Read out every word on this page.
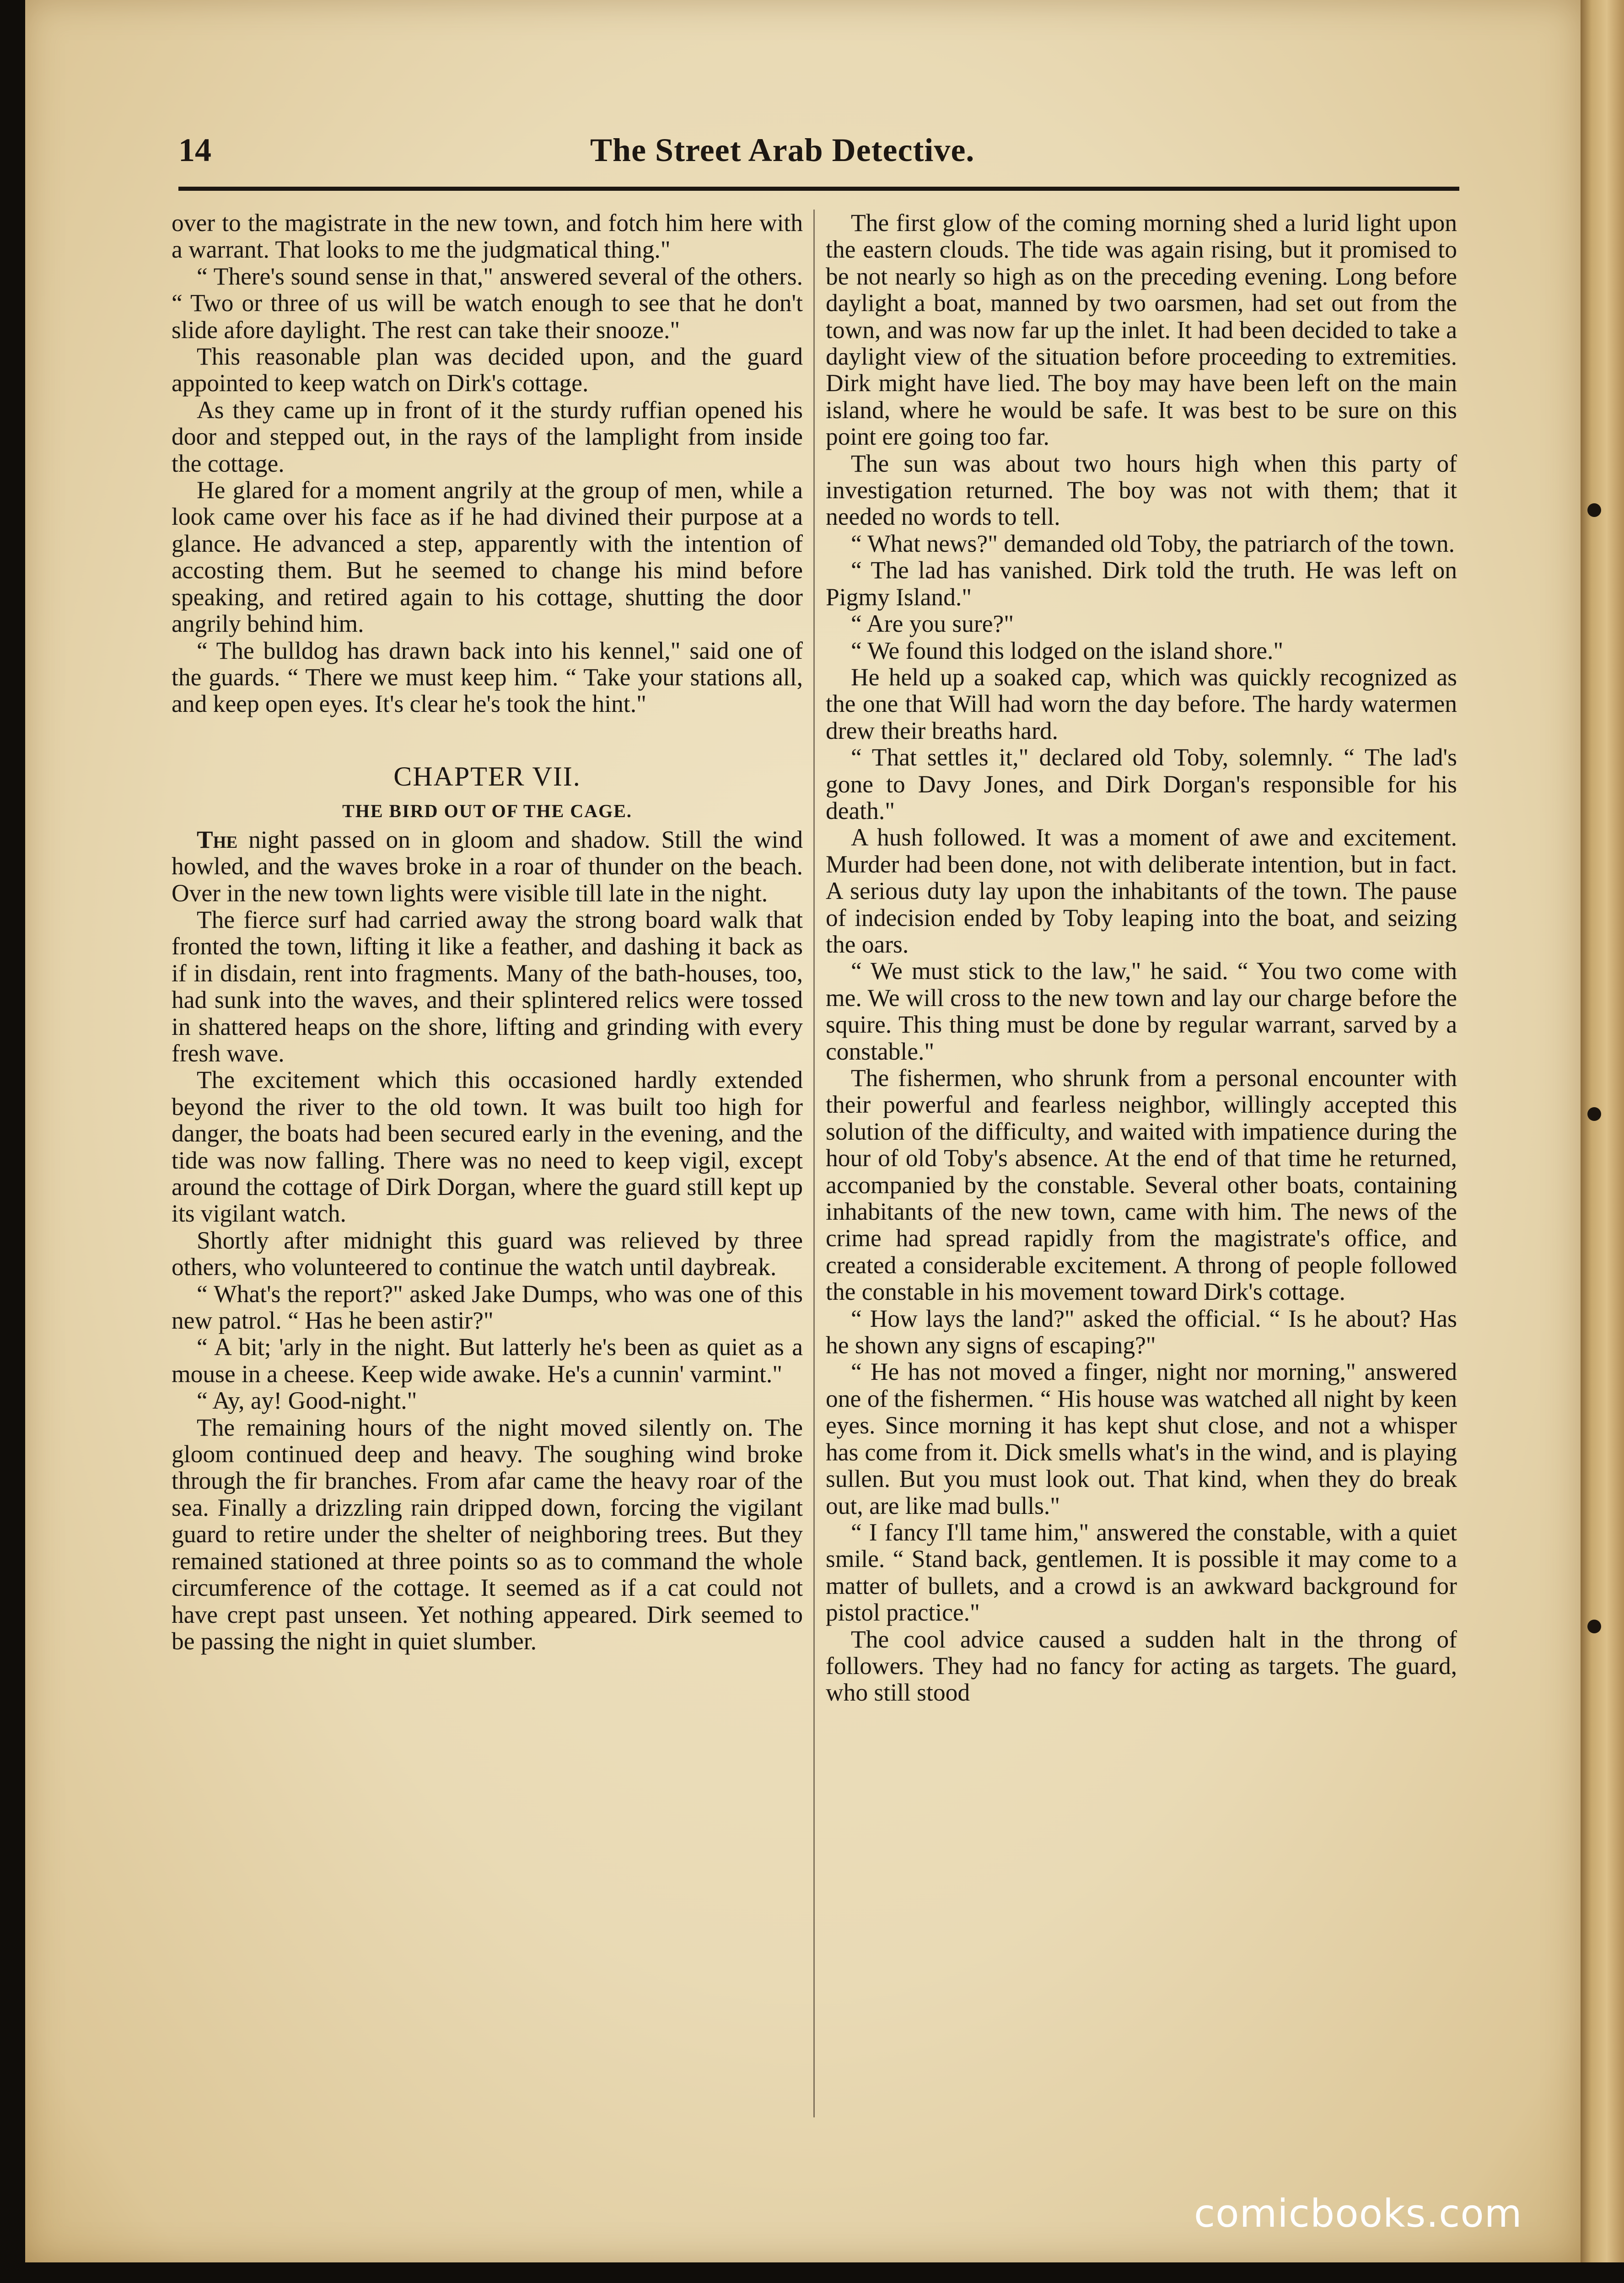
14	The Street Arab Detective.

over to the magistrate in the new town, and fotch him here with a warrant. That looks to me the judgmatical thing."

“ There's sound sense in that," answered several of the others. “ Two or three of us will be watch enough to see that he don't slide afore daylight. The rest can take their snooze."

This reasonable plan was decided upon, and the guard appointed to keep watch on Dirk's cottage.

As they came up in front of it the sturdy ruffian opened his door and stepped out, in the rays of the lamplight from inside the cottage.

He glared for a moment angrily at the group of men, while a look came over his face as if he had divined their purpose at a glance. He advanced a step, apparently with the intention of accosting them. But he seemed to change his mind before speaking, and retired again to his cottage, shutting the door angrily behind him.

“ The bulldog has drawn back into his kennel," said one of the guards. “ There we must keep him. “ Take your stations all, and keep open eyes. It's clear he's took the hint."

CHAPTER VII.
THE BIRD OUT OF THE CAGE.

The night passed on in gloom and shadow. Still the wind howled, and the waves broke in a roar of thunder on the beach. Over in the new town lights were visible till late in the night.

The fierce surf had carried away the strong board walk that fronted the town, lifting it like a feather, and dashing it back as if in disdain, rent into fragments. Many of the bath-houses, too, had sunk into the waves, and their splintered relics were tossed in shattered heaps on the shore, lifting and grinding with every fresh wave.

The excitement which this occasioned hardly extended beyond the river to the old town. It was built too high for danger, the boats had been secured early in the evening, and the tide was now falling. There was no need to keep vigil, except around the cottage of Dirk Dorgan, where the guard still kept up its vigilant watch.

Shortly after midnight this guard was relieved by three others, who volunteered to continue the watch until daybreak.

“ What's the report?" asked Jake Dumps, who was one of this new patrol. “ Has he been astir?"

“ A bit; 'arly in the night. But latterly he's been as quiet as a mouse in a cheese. Keep wide awake. He's a cunnin' varmint."

“ Ay, ay! Good-night."

The remaining hours of the night moved silently on. The gloom continued deep and heavy. The soughing wind broke through the fir branches. From afar came the heavy roar of the sea. Finally a drizzling rain dripped down, forcing the vigilant guard to retire under the shelter of neighboring trees. But they remained stationed at three points so as to command the whole circumference of the cottage. It seemed as if a cat could not have crept past unseen. Yet nothing appeared. Dirk seemed to be passing the night in quiet slumber.

The first glow of the coming morning shed a lurid light upon the eastern clouds. The tide was again rising, but it promised to be not nearly so high as on the preceding evening. Long before daylight a boat, manned by two oarsmen, had set out from the town, and was now far up the inlet. It had been decided to take a daylight view of the situation before proceeding to extremities. Dirk might have lied. The boy may have been left on the main island, where he would be safe. It was best to be sure on this point ere going too far.

The sun was about two hours high when this party of investigation returned. The boy was not with them; that it needed no words to tell.

“ What news?" demanded old Toby, the patriarch of the town.

“ The lad has vanished. Dirk told the truth. He was left on Pigmy Island."

“ Are you sure?"

“ We found this lodged on the island shore."

He held up a soaked cap, which was quickly recognized as the one that Will had worn the day before. The hardy watermen drew their breaths hard.

“ That settles it," declared old Toby, solemnly. “ The lad's gone to Davy Jones, and Dirk Dorgan's responsible for his death."

A hush followed. It was a moment of awe and excitement. Murder had been done, not with deliberate intention, but in fact. A serious duty lay upon the inhabitants of the town. The pause of indecision ended by Toby leaping into the boat, and seizing the oars.

“ We must stick to the law," he said. “ You two come with me. We will cross to the new town and lay our charge before the squire. This thing must be done by regular warrant, sarved by a constable."

The fishermen, who shrunk from a personal encounter with their powerful and fearless neighbor, willingly accepted this solution of the difficulty, and waited with impatience during the hour of old Toby's absence. At the end of that time he returned, accompanied by the constable. Several other boats, containing inhabitants of the new town, came with him. The news of the crime had spread rapidly from the magistrate's office, and created a considerable excitement. A throng of people followed the constable in his movement toward Dirk's cottage.

“ How lays the land?" asked the official. “ Is he about? Has he shown any signs of escaping?"

“ He has not moved a finger, night nor morning," answered one of the fishermen. “ His house was watched all night by keen eyes. Since morning it has kept shut close, and not a whisper has come from it. Dick smells what's in the wind, and is playing sullen. But you must look out. That kind, when they do break out, are like mad bulls."

“ I fancy I'll tame him," answered the constable, with a quiet smile. “ Stand back, gentlemen. It is possible it may come to a matter of bullets, and a crowd is an awkward background for pistol practice."

The cool advice caused a sudden halt in the throng of followers. They had no fancy for acting as targets. The guard, who still stood

comicbooks.com
